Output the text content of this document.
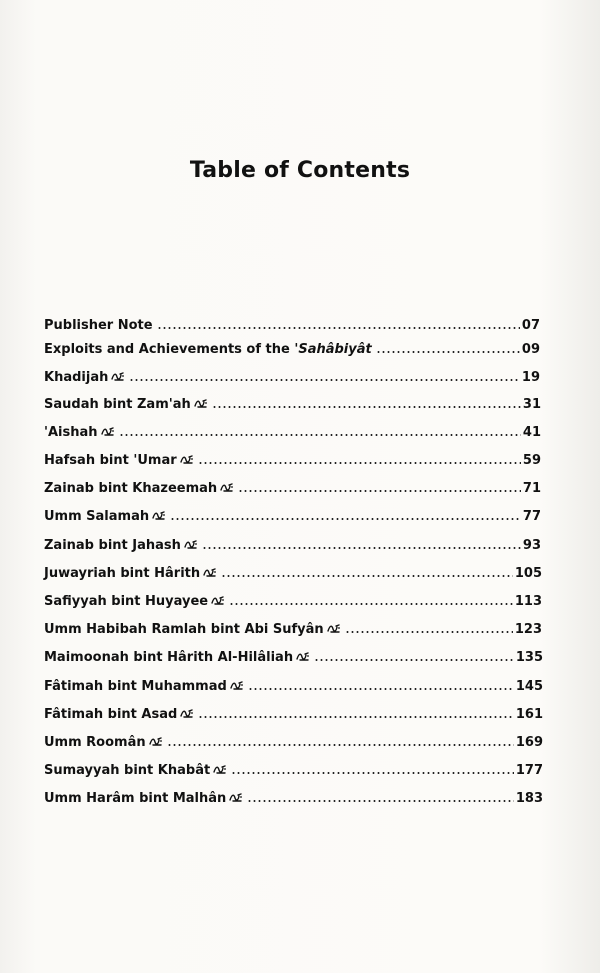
Table of Contents
Publisher Note	07
Exploits and Achievements of the 'Sahâbiyât	09
Khadijah	19
Saudah bint Zam'ah	31
'Aishah	41
Hafsah bint 'Umar	59
Zainab bint Khazeemah	71
Umm Salamah	77
Zainab bint Jahash	93
Juwayriah bint Hârith	105
Safiyyah bint Huyayee	113
Umm Habibah Ramlah bint Abi Sufyân	123
Maimoonah bint Hârith Al-Hilâliah	135
Fâtimah bint Muhammad	145
Fâtimah bint Asad	161
Umm Roomân	169
Sumayyah bint Khabât	177
Umm Harâm bint Malhân	183
